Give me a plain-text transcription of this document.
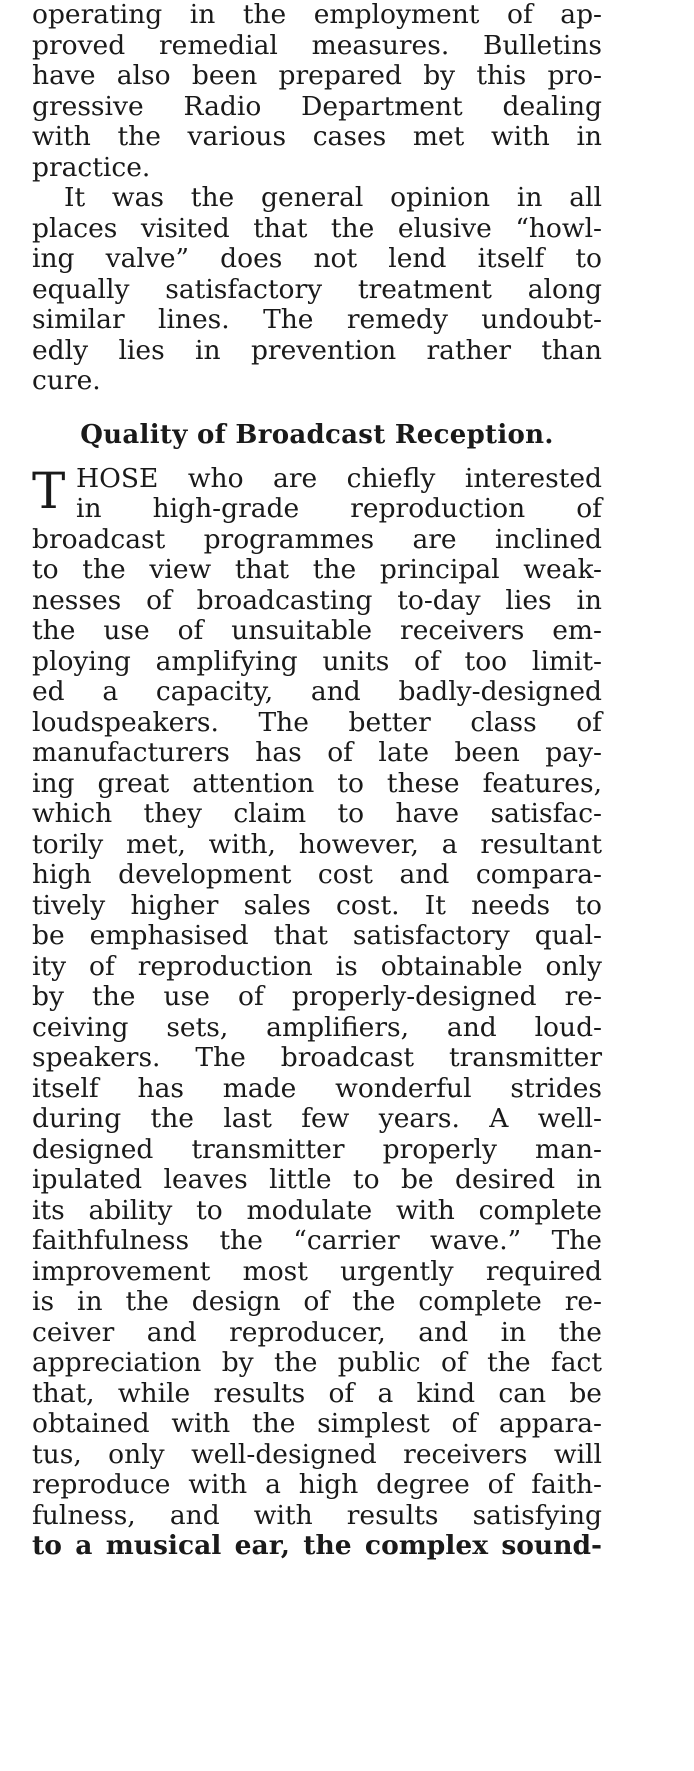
operating in the employment of ap-
proved remedial measures. Bulletins
have also been prepared by this pro-
gressive Radio Department dealing
with the various cases met with in
practice.
It was the general opinion in all
places visited that the elusive “howl-
ing valve” does not lend itself to
equally satisfactory treatment along
similar lines. The remedy undoubt-
edly lies in prevention rather than
cure.
Quality of Broadcast Reception.
T HOSE who are chiefly interested
in high-grade reproduction of
broadcast programmes are inclined
to the view that the principal weak-
nesses of broadcasting to-day lies in
the use of unsuitable receivers em-
ploying amplifying units of too limit-
ed a capacity, and badly-designed
loudspeakers. The better class of
manufacturers has of late been pay-
ing great attention to these features,
which they claim to have satisfac-
torily met, with, however, a resultant
high development cost and compara-
tively higher sales cost. It needs to
be emphasised that satisfactory qual-
ity of reproduction is obtainable only
by the use of properly-designed re-
ceiving sets, amplifiers, and loud-
speakers. The broadcast transmitter
itself has made wonderful strides
during the last few years. A well-
designed transmitter properly man-
ipulated leaves little to be desired in
its ability to modulate with complete
faithfulness the “carrier wave.” The
improvement most urgently required
is in the design of the complete re-
ceiver and reproducer, and in the
appreciation by the public of the fact
that, while results of a kind can be
obtained with the simplest of appara-
tus, only well-designed receivers will
reproduce with a high degree of faith-
fulness, and with results satisfying
to a musical ear, the complex sound-
